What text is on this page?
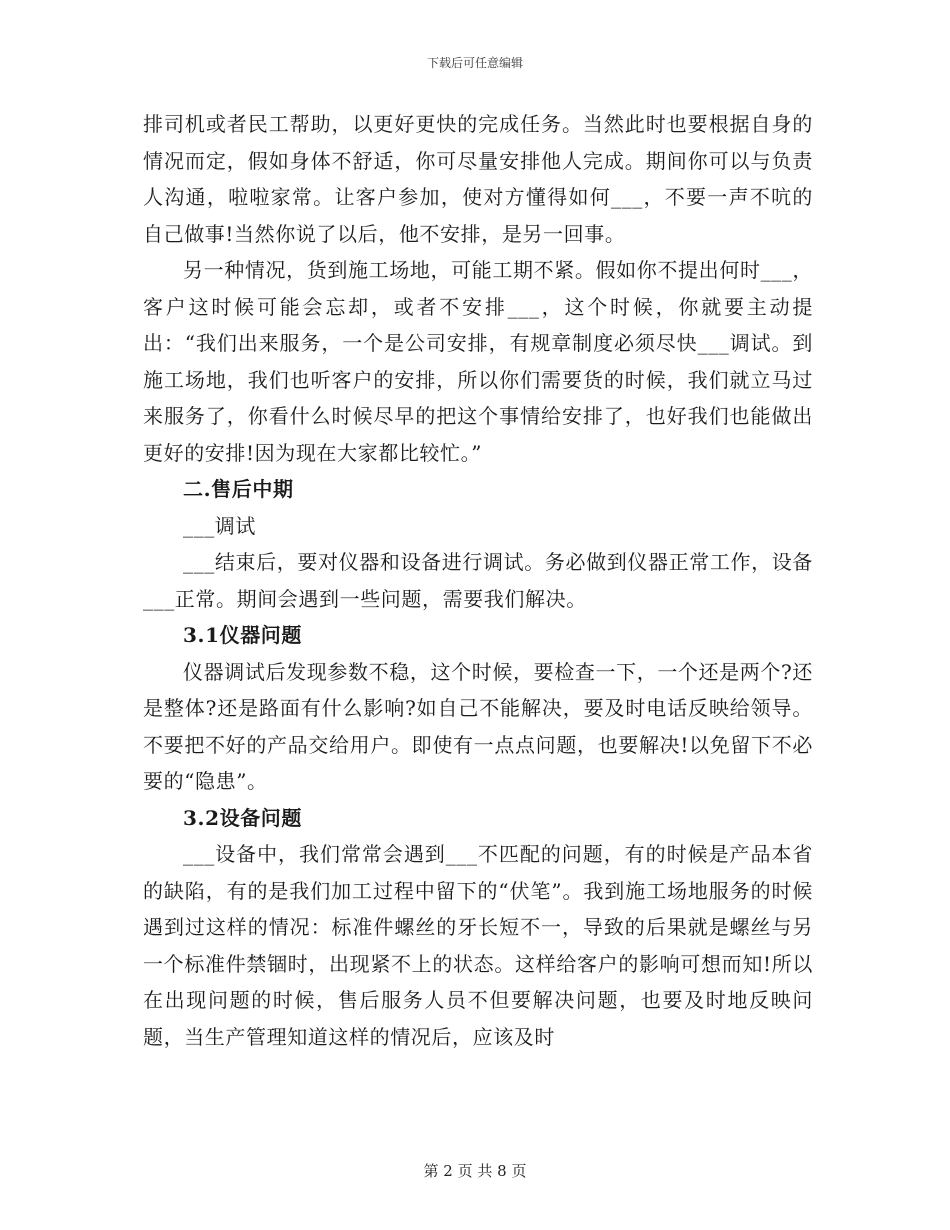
下载后可任意编辑

排司机或者民工帮助，以更好更快的完成任务。当然此时也要根据自身的情况而定，假如身体不舒适，你可尽量安排他人完成。期间你可以与负责人沟通，啦啦家常。让客户参加，使对方懂得如何___，不要一声不吭的自己做事!当然你说了以后，他不安排，是另一回事。

另一种情况，货到施工场地，可能工期不紧。假如你不提出何时___，客户这时候可能会忘却，或者不安排___，这个时候，你就要主动提出：“我们出来服务，一个是公司安排，有规章制度必须尽快___调试。到施工场地，我们也听客户的安排，所以你们需要货的时候，我们就立马过来服务了，你看什么时候尽早的把这个事情给安排了，也好我们也能做出更好的安排!因为现在大家都比较忙。”

二.售后中期

___调试

___结束后，要对仪器和设备进行调试。务必做到仪器正常工作，设备___正常。期间会遇到一些问题，需要我们解决。

3.1仪器问题

仪器调试后发现参数不稳，这个时候，要检查一下，一个还是两个?还是整体?还是路面有什么影响?如自己不能解决，要及时电话反映给领导。不要把不好的产品交给用户。即使有一点点问题，也要解决!以免留下不必要的“隐患”。

3.2设备问题

___设备中，我们常常会遇到___不匹配的问题，有的时候是产品本省的缺陷，有的是我们加工过程中留下的“伏笔”。我到施工场地服务的时候遇到过这样的情况：标准件螺丝的牙长短不一，导致的后果就是螺丝与另一个标准件禁锢时，出现紧不上的状态。这样给客户的影响可想而知!所以在出现问题的时候，售后服务人员不但要解决问题，也要及时地反映问题，当生产管理知道这样的情况后，应该及时

第 2 页 共 8 页
